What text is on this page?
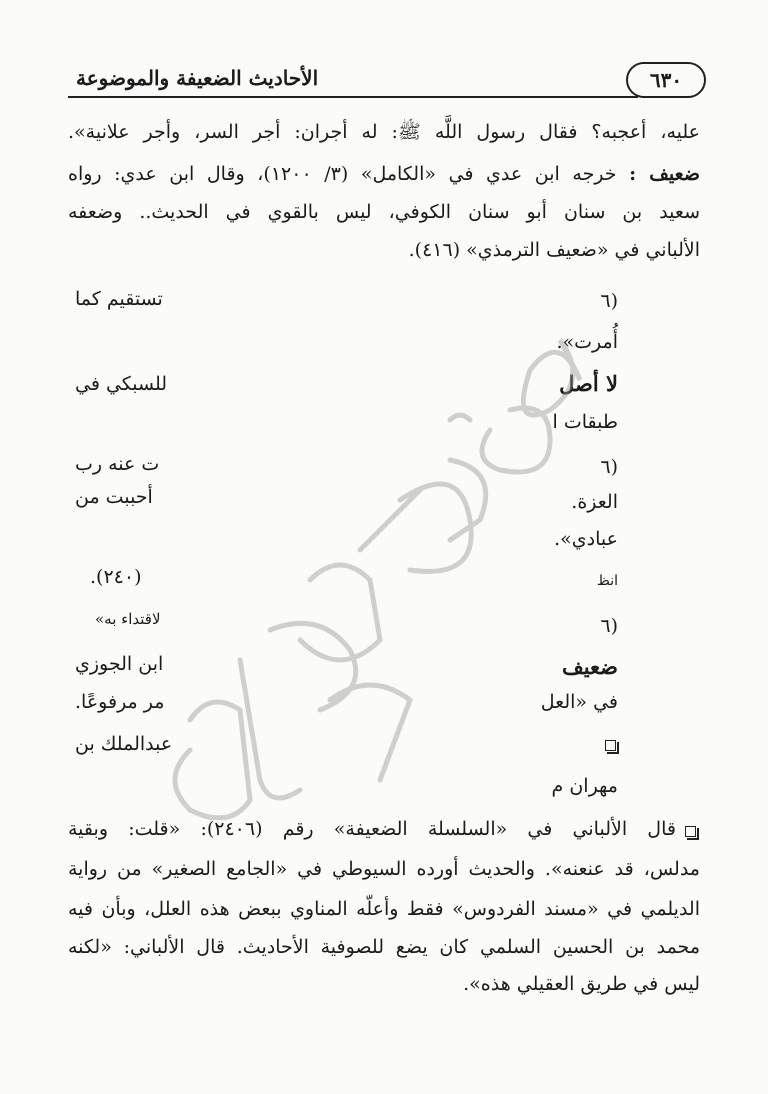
٦٣٠
الأحاديث الضعيفة والموضوعة
عليه، أعجبه؟ فقال رسول اللَّه ﷺ: له أجران: أجر السر، وأجر علانية».
ضعيف : خرجه ابن عدي في «الكامل» (٣/ ١٢٠٠)، وقال ابن عدي: رواه
سعيد بن سنان أبو سنان الكوفي، ليس بالقوي في الحديث.. وضعفه
الألباني في «ضعيف الترمذي» (٤١٦).
(٦
تستقيم كما
أُمرت».
لا أصل
للسبكي في
طبقات ا
(٦
ت عنه رب
أحببت من	العزة.
عبادي».
انظ
(٢٤٠).
لاقتداء به»	(٦
ضعيف
ابن الجوزي
في «العل
مر مرفوعًا.
عبدالملك بن
مهران م
قال الألباني في «السلسلة الضعيفة» رقم (٢٤٠٦): «قلت: وبقية
مدلس، قد عنعنه». والحديث أورده السيوطي في «الجامع الصغير» من رواية
الديلمي في «مسند الفردوس» فقط وأعلّه المناوي ببعض هذه العلل، وبأن فيه
محمد بن الحسين السلمي كان يضع للصوفية الأحاديث. قال الألباني: «لكنه
ليس في طريق العقيلي هذه».
